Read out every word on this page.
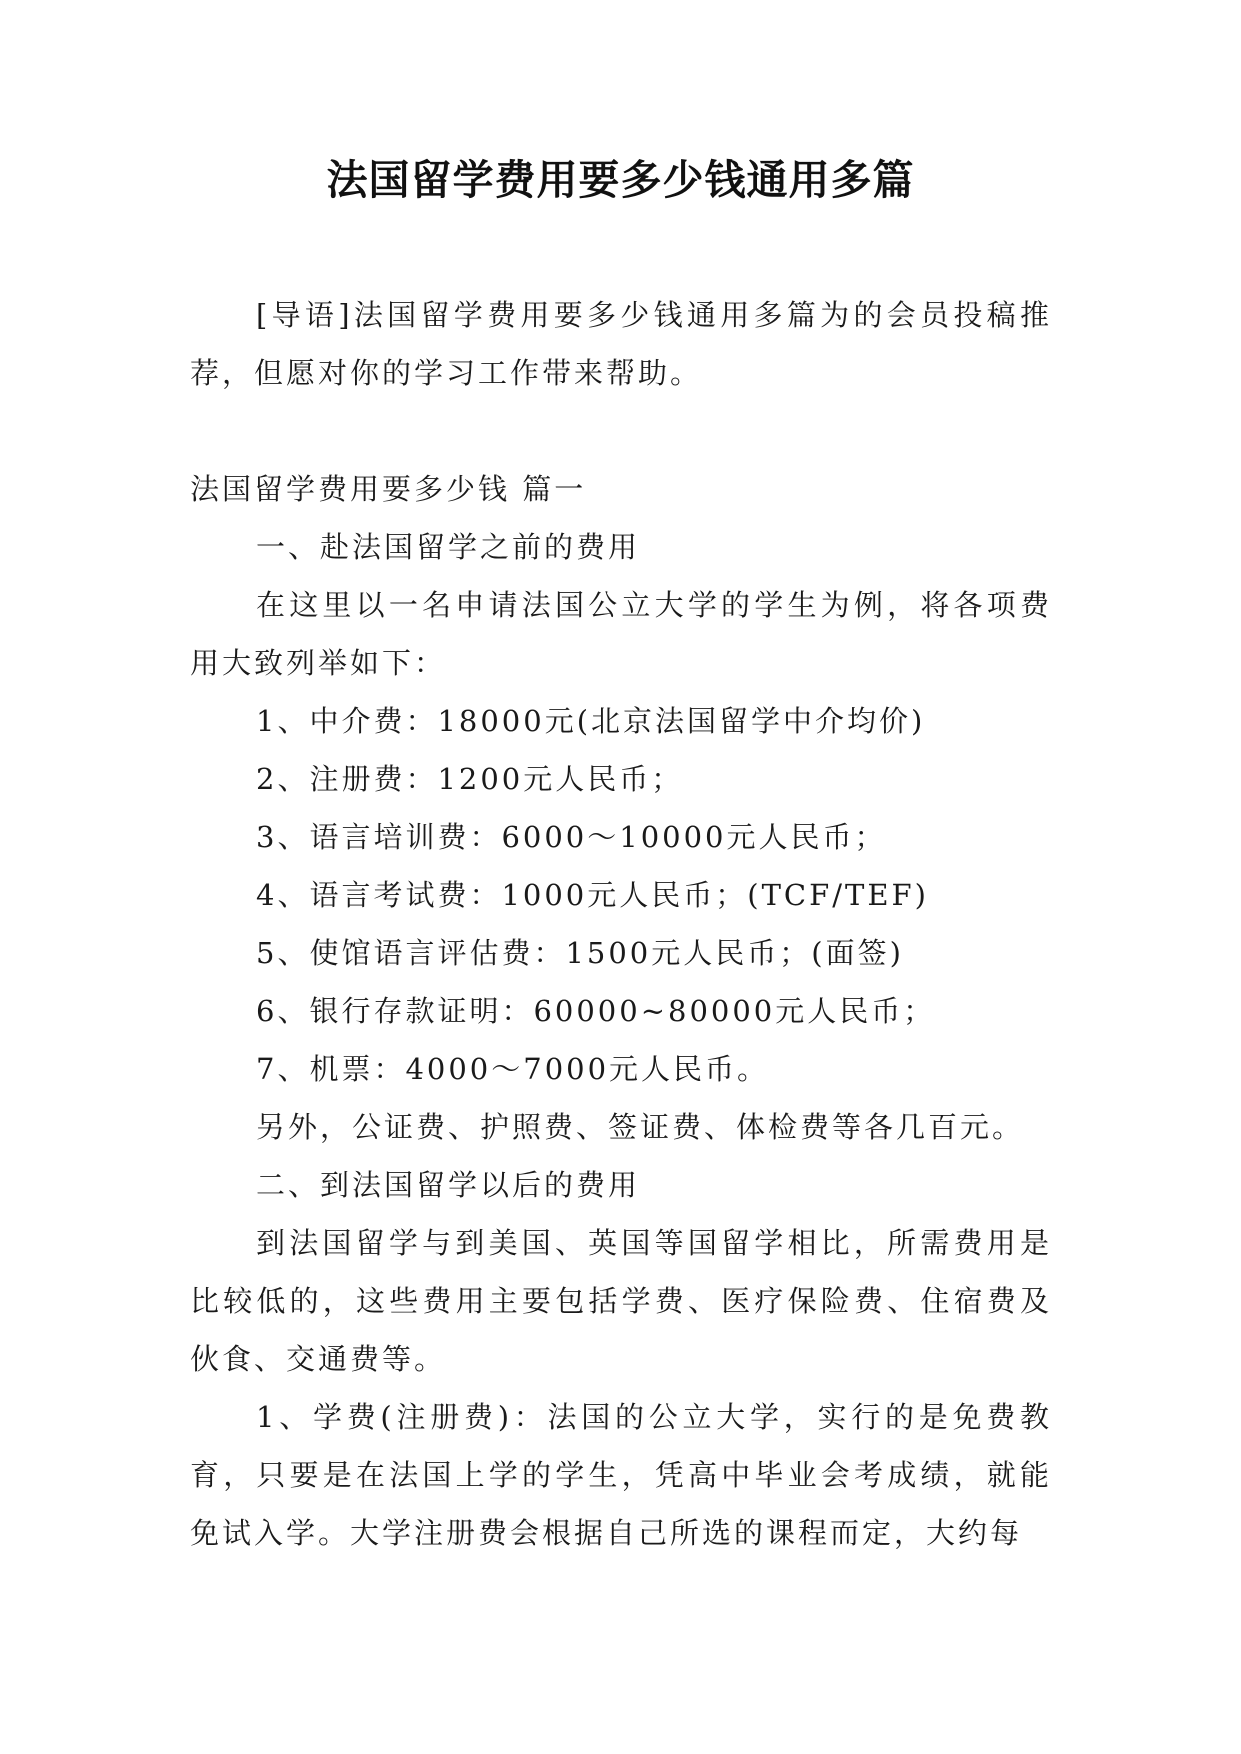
法国留学费用要多少钱通用多篇

[导语]法国留学费用要多少钱通用多篇为的会员投稿推荐，但愿对你的学习工作带来帮助。

法国留学费用要多少钱 篇一

一、赴法国留学之前的费用

在这里以一名申请法国公立大学的学生为例，将各项费用大致列举如下：

1、中介费：18000元(北京法国留学中介均价)

2、注册费：1200元人民币；

3、语言培训费：6000～10000元人民币；

4、语言考试费：1000元人民币；(TCF/TEF)

5、使馆语言评估费：1500元人民币；(面签)

6、银行存款证明：60000~80000元人民币；

7、机票：4000～7000元人民币。

另外，公证费、护照费、签证费、体检费等各几百元。

二、到法国留学以后的费用

到法国留学与到美国、英国等国留学相比，所需费用是比较低的，这些费用主要包括学费、医疗保险费、住宿费及伙食、交通费等。

1、学费(注册费)：法国的公立大学，实行的是免费教育，只要是在法国上学的学生，凭高中毕业会考成绩，就能免试入学。大学注册费会根据自己所选的课程而定，大约每
